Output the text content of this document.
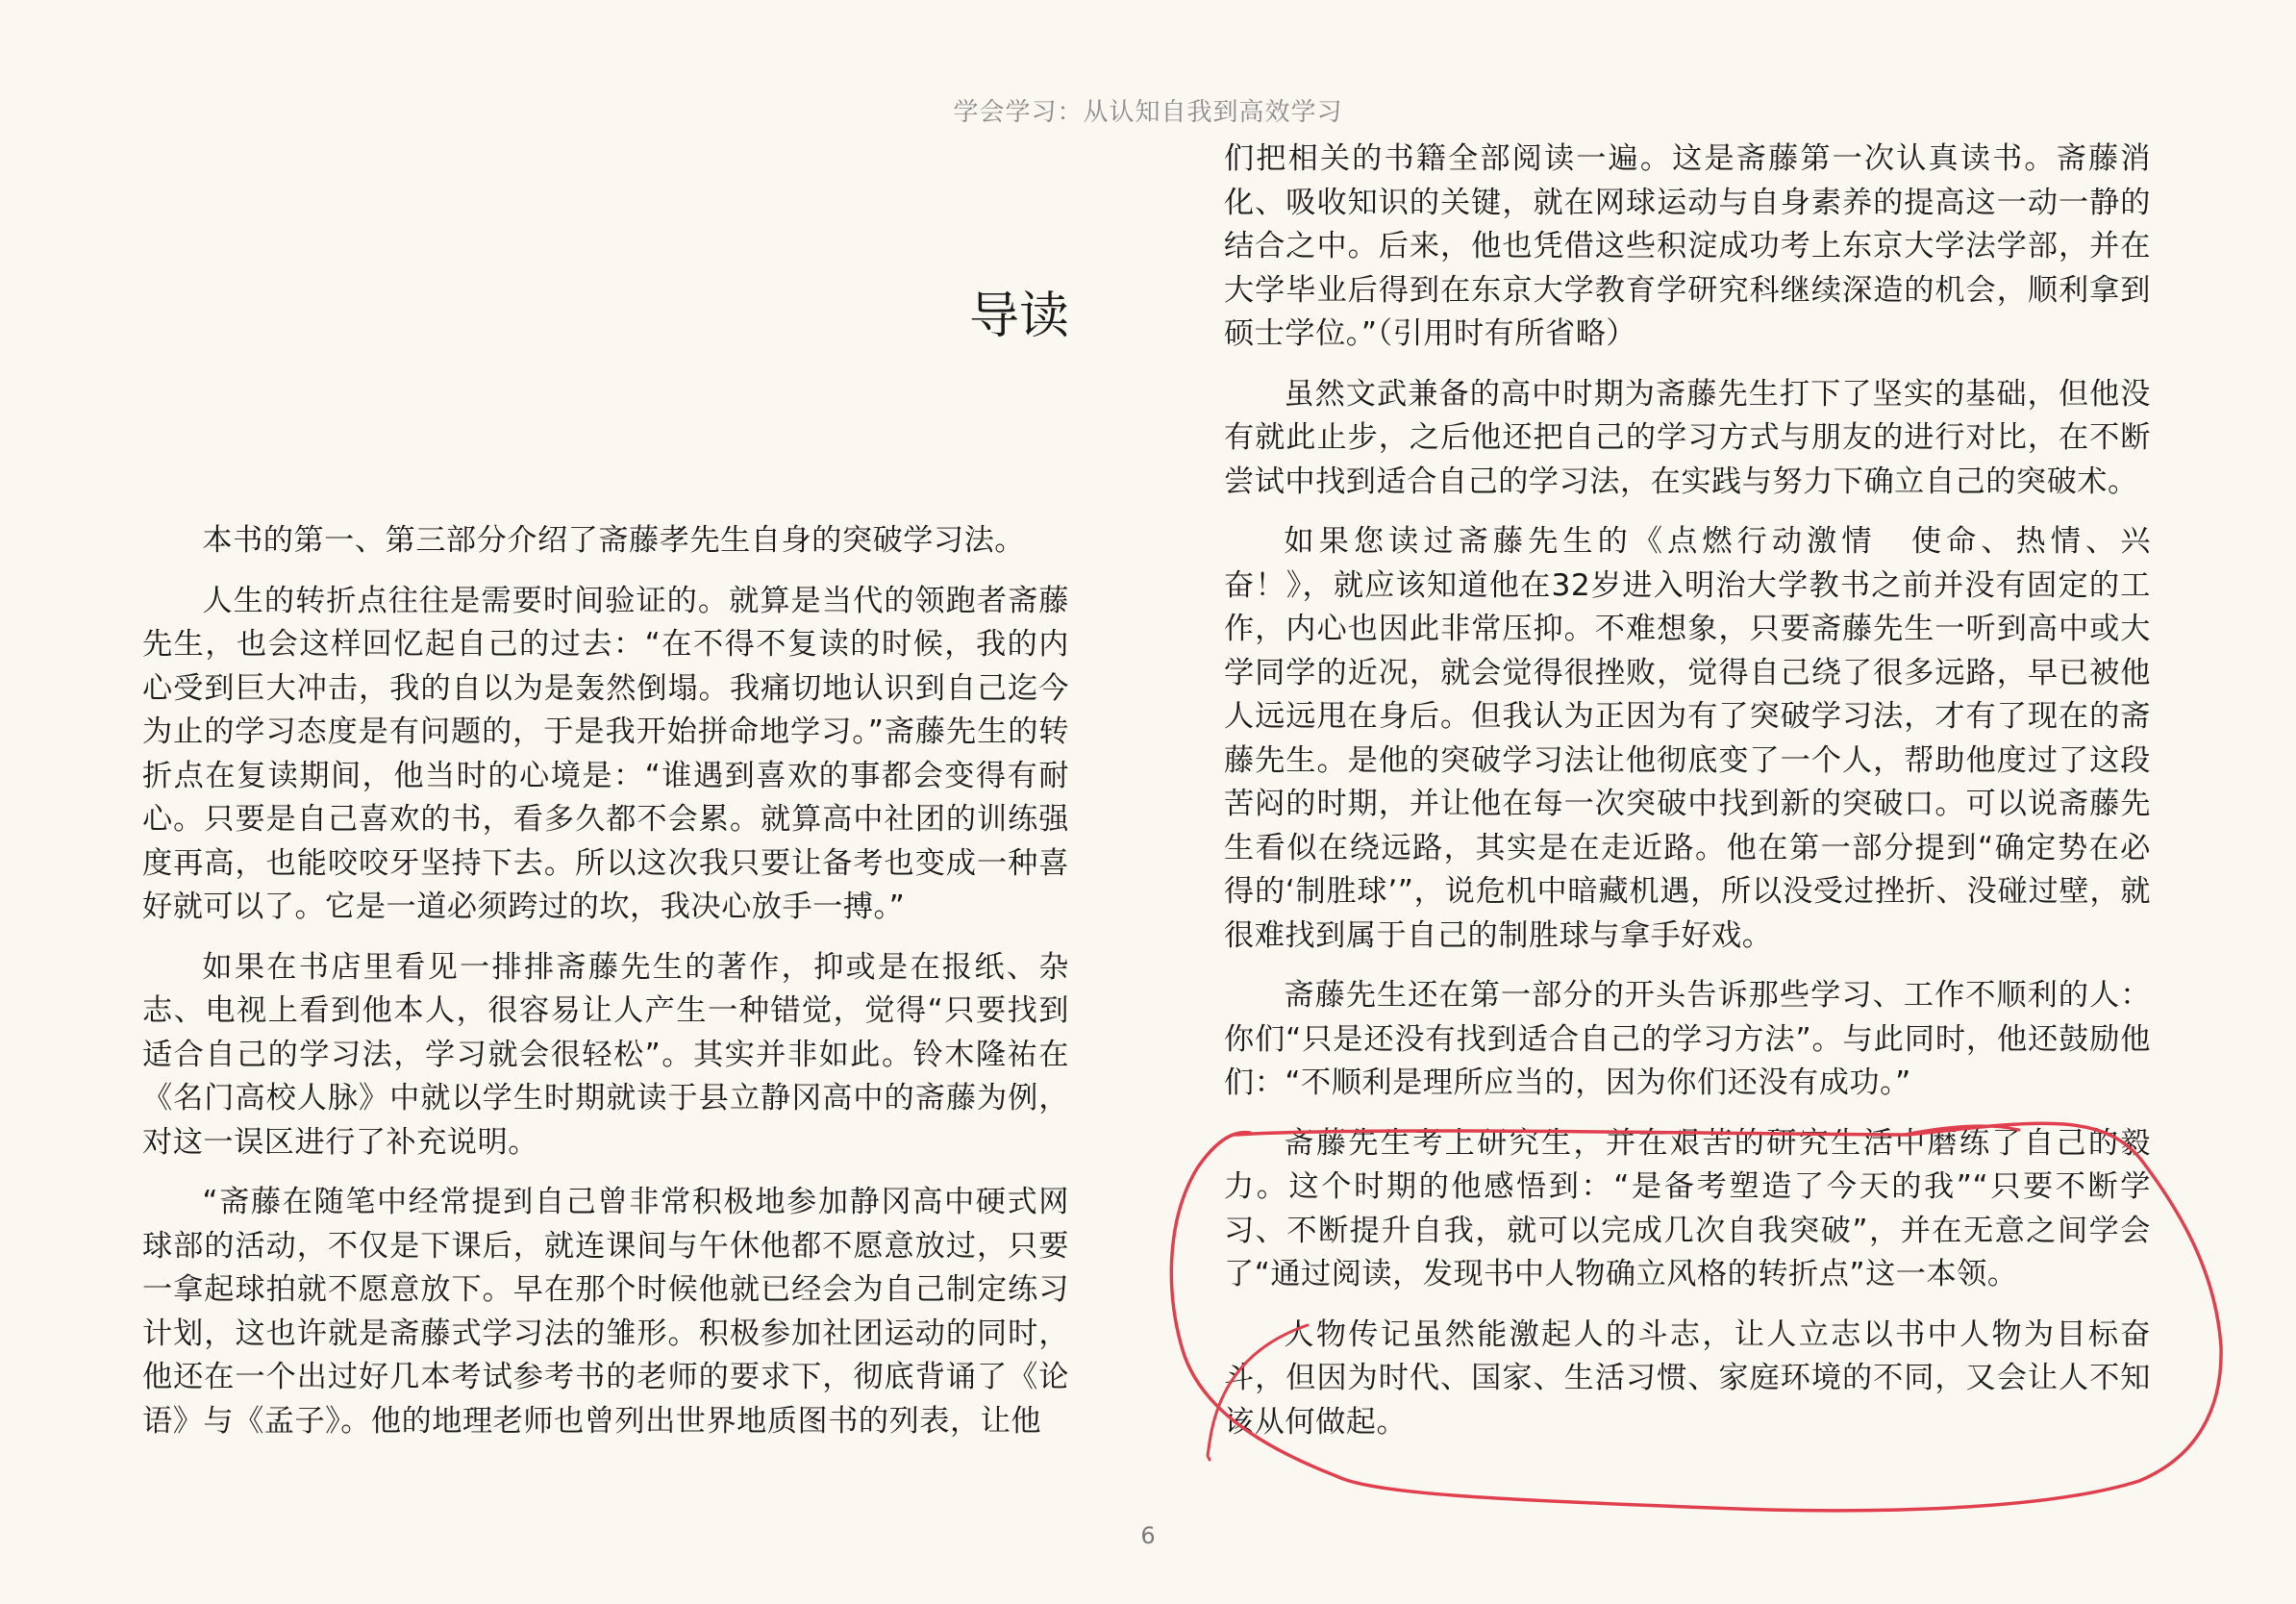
学会学习：从认知自我到高效学习
导读

本书的第一、第三部分介绍了斋藤孝先生自身的突破学习法。

人生的转折点往往是需要时间验证的。就算是当代的领跑者斋藤先生，也会这样回忆起自己的过去：“在不得不复读的时候，我的内心受到巨大冲击，我的自以为是轰然倒塌。我痛切地认识到自己迄今为止的学习态度是有问题的，于是我开始拼命地学习。”斋藤先生的转折点在复读期间，他当时的心境是：“谁遇到喜欢的事都会变得有耐心。只要是自己喜欢的书，看多久都不会累。就算高中社团的训练强度再高，也能咬咬牙坚持下去。所以这次我只要让备考也变成一种喜好就可以了。它是一道必须跨过的坎，我决心放手一搏。”

如果在书店里看见一排排斋藤先生的著作，抑或是在报纸、杂志、电视上看到他本人，很容易让人产生一种错觉，觉得“只要找到适合自己的学习法，学习就会很轻松”。其实并非如此。铃木隆祐在《名门高校人脉》中就以学生时期就读于县立静冈高中的斋藤为例，对这一误区进行了补充说明。

“斋藤在随笔中经常提到自己曾非常积极地参加静冈高中硬式网球部的活动，不仅是下课后，就连课间与午休他都不愿意放过，只要一拿起球拍就不愿意放下。早在那个时候他就已经会为自己制定练习计划，这也许就是斋藤式学习法的雏形。积极参加社团运动的同时，他还在一个出过好几本考试参考书的老师的要求下，彻底背诵了《论语》与《孟子》。他的地理老师也曾列出世界地质图书的列表，让他

们把相关的书籍全部阅读一遍。这是斋藤第一次认真读书。斋藤消化、吸收知识的关键，就在网球运动与自身素养的提高这一动一静的结合之中。后来，他也凭借这些积淀成功考上东京大学法学部，并在大学毕业后得到在东京大学教育学研究科继续深造的机会，顺利拿到硕士学位。”（引用时有所省略）

虽然文武兼备的高中时期为斋藤先生打下了坚实的基础，但他没有就此止步，之后他还把自己的学习方式与朋友的进行对比，在不断尝试中找到适合自己的学习法，在实践与努力下确立自己的突破术。

如果您读过斋藤先生的《点燃行动激情　使命、热情、兴奋！》，就应该知道他在32岁进入明治大学教书之前并没有固定的工作，内心也因此非常压抑。不难想象，只要斋藤先生一听到高中或大学同学的近况，就会觉得很挫败，觉得自己绕了很多远路，早已被他人远远甩在身后。但我认为正因为有了突破学习法，才有了现在的斋藤先生。是他的突破学习法让他彻底变了一个人，帮助他度过了这段苦闷的时期，并让他在每一次突破中找到新的突破口。可以说斋藤先生看似在绕远路，其实是在走近路。他在第一部分提到“确定势在必得的‘制胜球’”，说危机中暗藏机遇，所以没受过挫折、没碰过壁，就很难找到属于自己的制胜球与拿手好戏。

斋藤先生还在第一部分的开头告诉那些学习、工作不顺利的人：你们“只是还没有找到适合自己的学习方法”。与此同时，他还鼓励他们：“不顺利是理所应当的，因为你们还没有成功。”

斋藤先生考上研究生，并在艰苦的研究生活中磨练了自己的毅力。这个时期的他感悟到：“是备考塑造了今天的我”“只要不断学习、不断提升自我，就可以完成几次自我突破”，并在无意之间学会了“通过阅读，发现书中人物确立风格的转折点”这一本领。

人物传记虽然能激起人的斗志，让人立志以书中人物为目标奋斗，但因为时代、国家、生活习惯、家庭环境的不同，又会让人不知该从何做起。

6
